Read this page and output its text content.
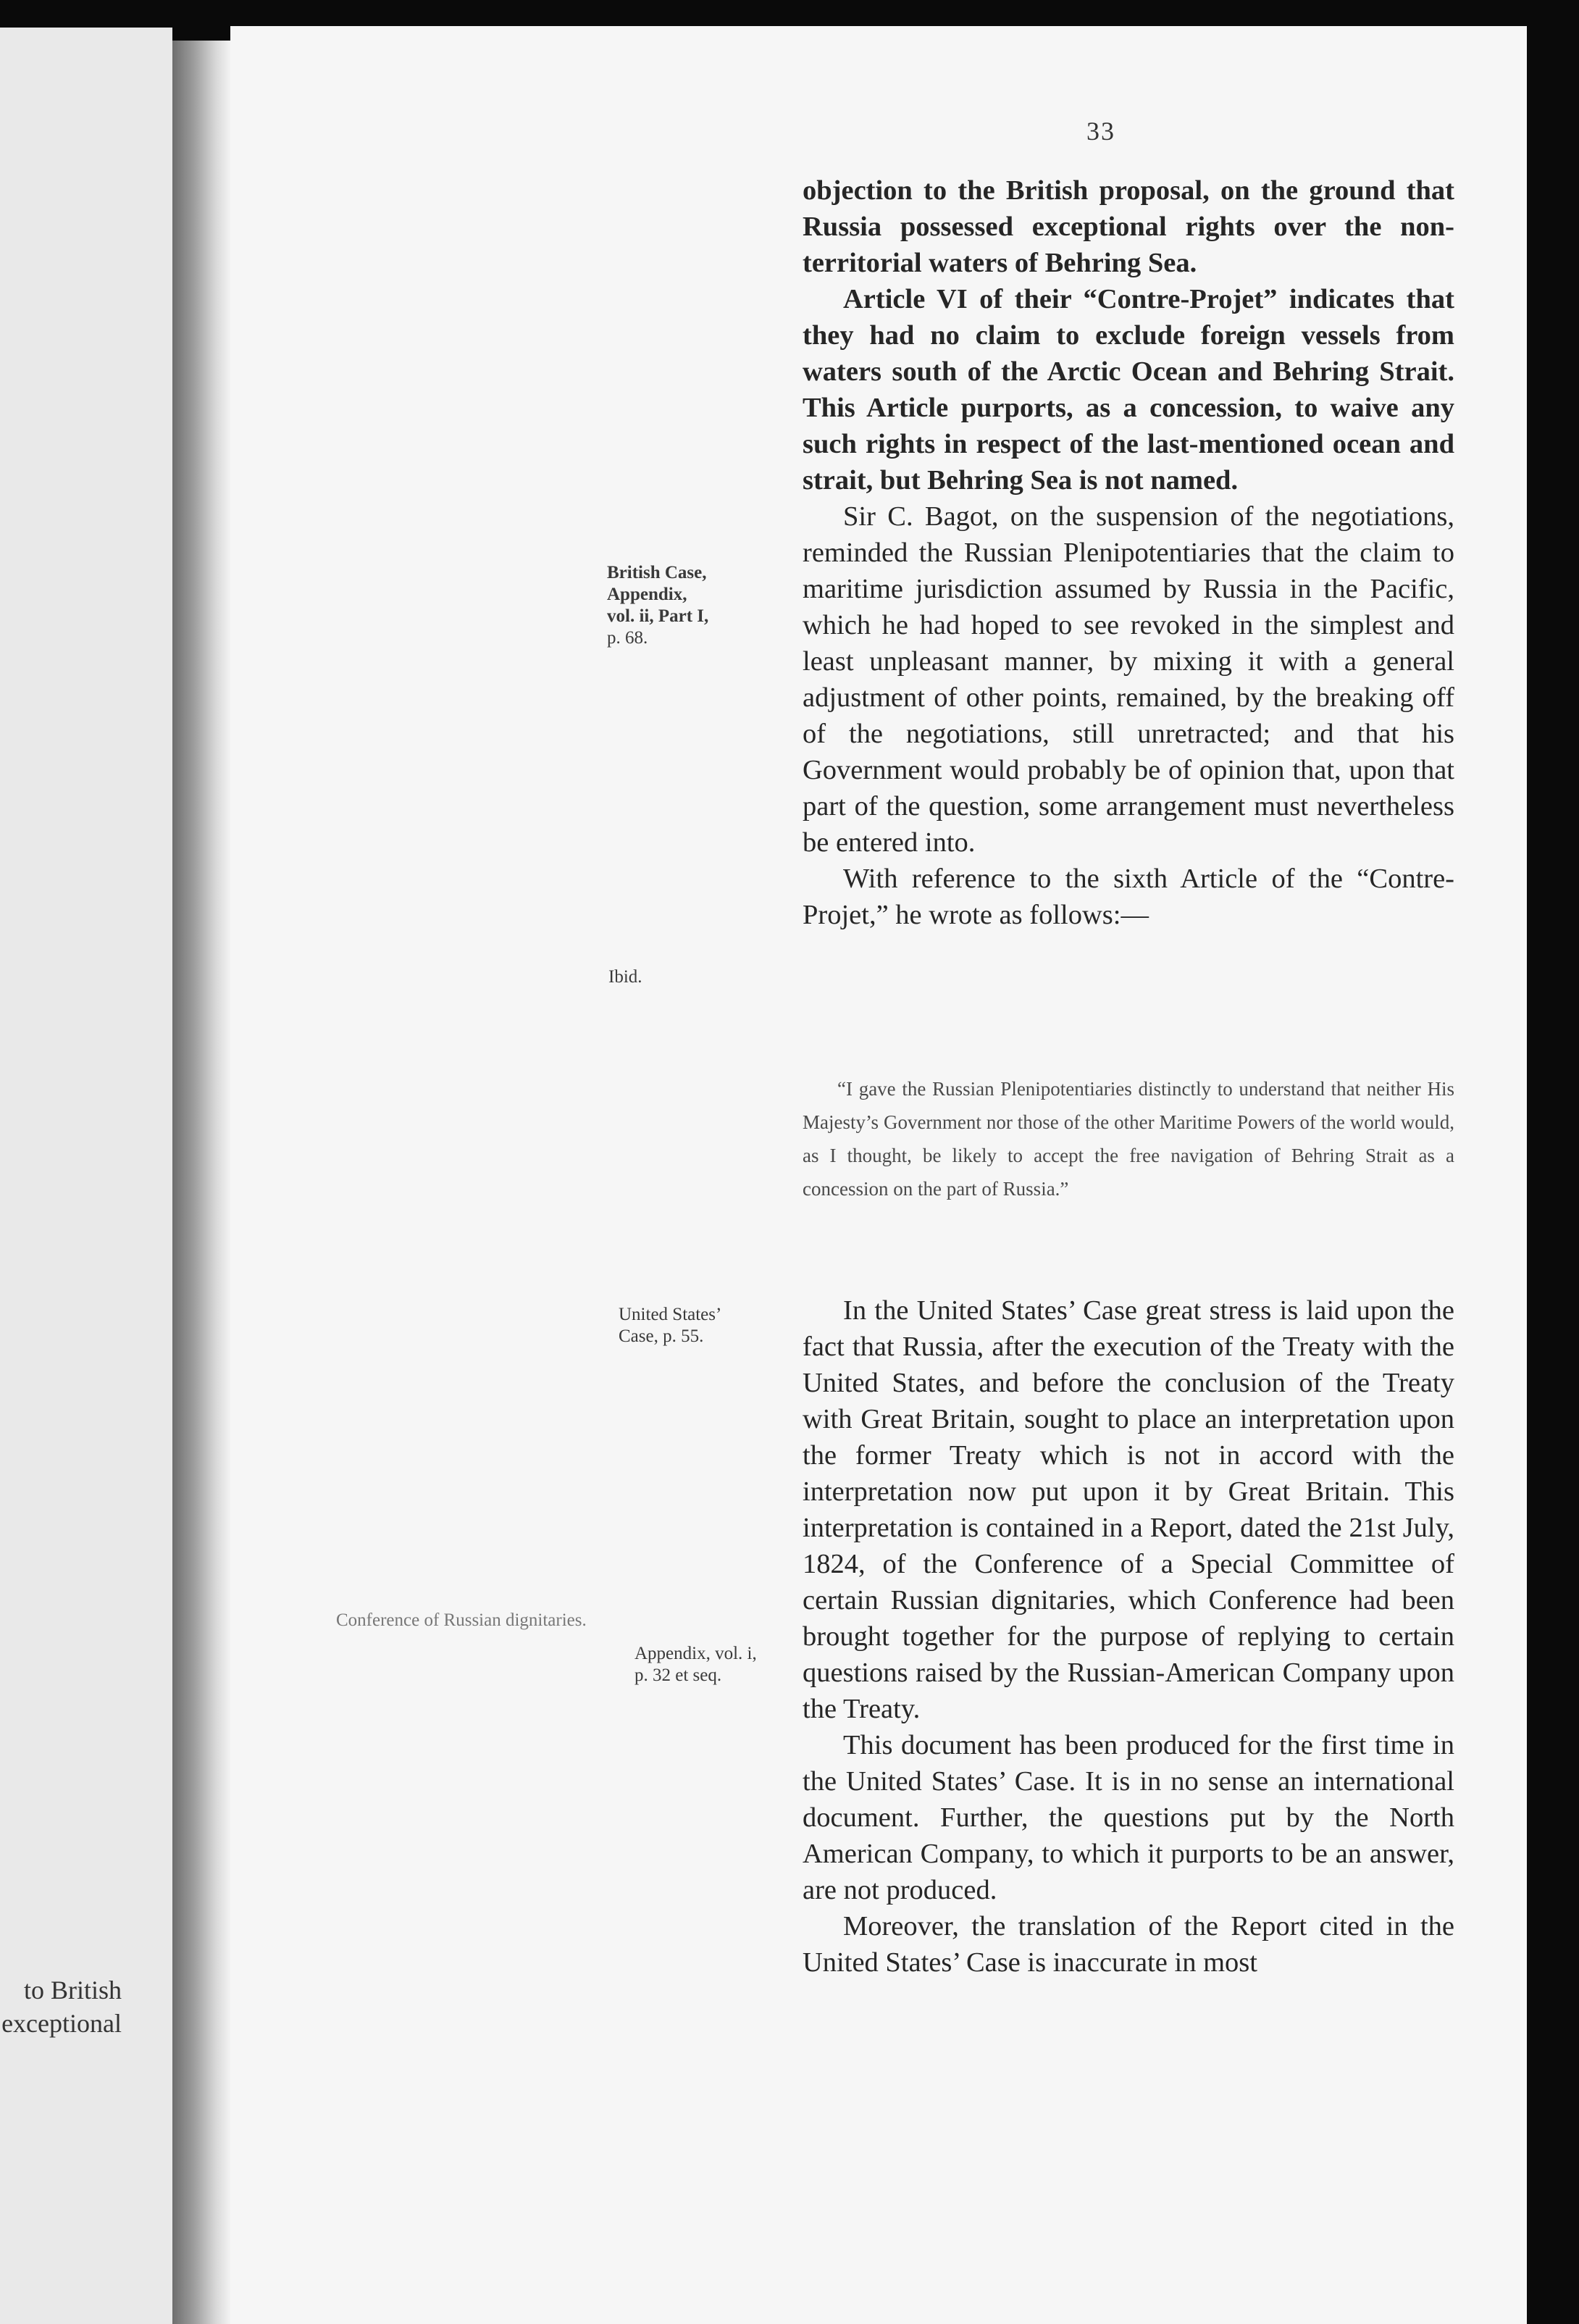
to British
exceptional
33

objection to the British proposal, on the ground that Russia possessed exceptional rights over the non-territorial waters of Behring Sea.

Article VI of their “Contre-Projet” indicates that they had no claim to exclude foreign vessels from waters south of the Arctic Ocean and Behring Strait. This Article purports, as a concession, to waive any such rights in respect of the last-mentioned ocean and strait, but Behring Sea is not named.

Sir C. Bagot, on the suspension of the negotiations, reminded the Russian Plenipotentiaries that the claim to maritime jurisdiction assumed by Russia in the Pacific, which he had hoped to see revoked in the simplest and least unpleasant manner, by mixing it with a general adjustment of other points, remained, by the breaking off of the negotiations, still unretracted; and that his Government would probably be of opinion that, upon that part of the question, some arrangement must nevertheless be entered into.

With reference to the sixth Article of the “Contre-Projet,” he wrote as follows:—

“I gave the Russian Plenipotentiaries distinctly to understand that neither His Majesty’s Government nor those of the other Maritime Powers of the world would, as I thought, be likely to accept the free navigation of Behring Strait as a concession on the part of Russia.”

In the United States’ Case great stress is laid upon the fact that Russia, after the execution of the Treaty with the United States, and before the conclusion of the Treaty with Great Britain, sought to place an interpretation upon the former Treaty which is not in accord with the interpretation now put upon it by Great Britain. This interpretation is contained in a Report, dated the 21st July, 1824, of the Conference of a Special Committee of certain Russian dignitaries, which Conference had been brought together for the purpose of replying to certain questions raised by the Russian-American Company upon the Treaty.

This document has been produced for the first time in the United States’ Case. It is in no sense an international document. Further, the questions put by the North American Company, to which it purports to be an answer, are not produced.

Moreover, the translation of the Report cited in the United States’ Case is inaccurate in most

British Case,
Appendix,
vol. ii, Part I,
p. 68.
Ibid.
United States’
Case, p. 55.
Conference of Russian dignitaries.
Appendix, vol. i,
p. 32 et seq.
